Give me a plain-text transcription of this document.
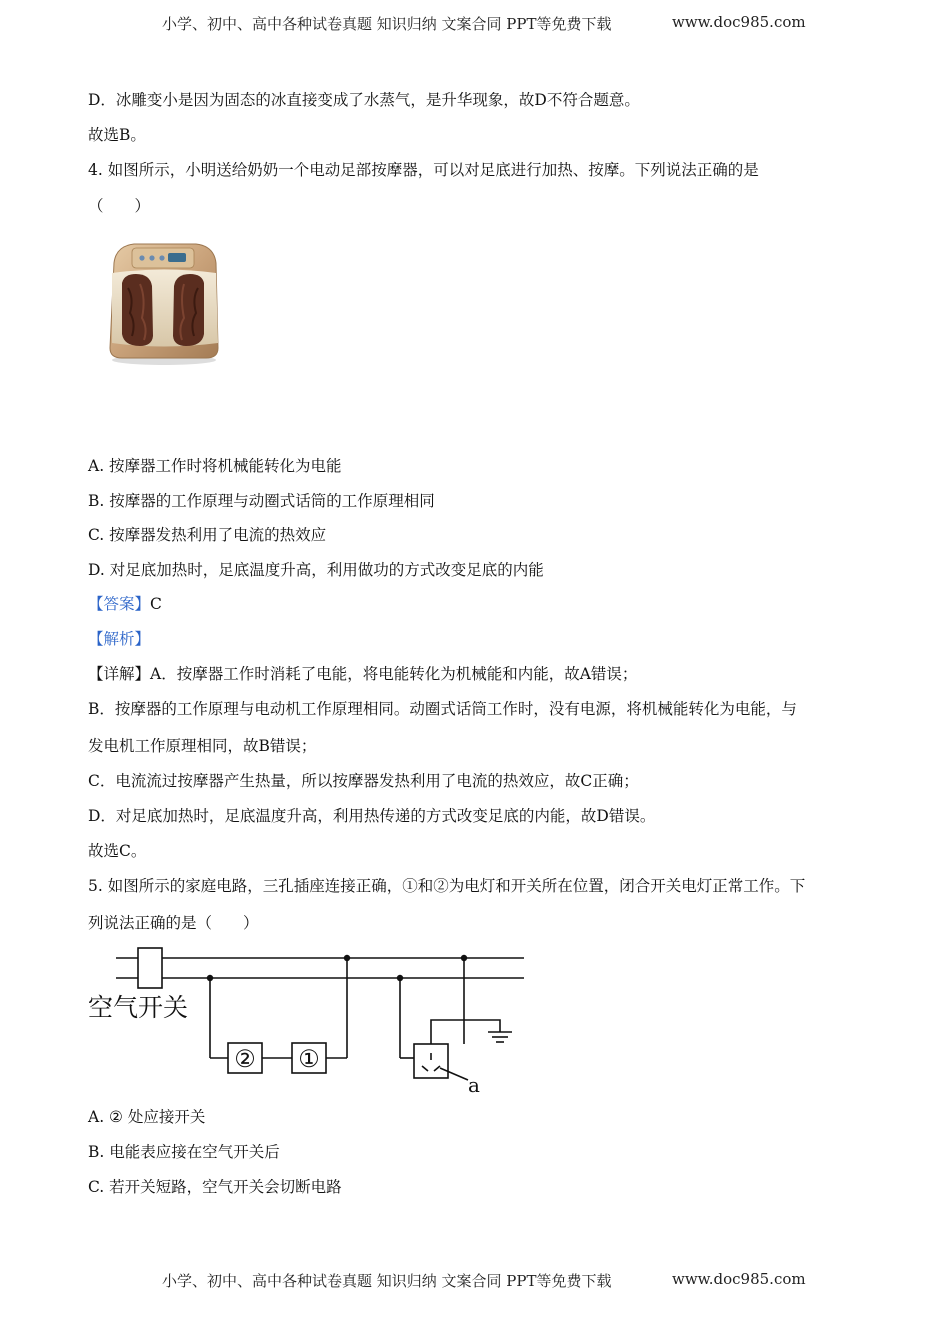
小学、初中、高中各种试卷真题 知识归纳 文案合同 PPT等免费下载	www.doc985.com
D．冰雕变小是因为固态的冰直接变成了水蒸气，是升华现象，故D不符合题意。
故选B。
4. 如图所示，小明送给奶奶一个电动足部按摩器，可以对足底进行加热、按摩。下列说法正确的是
（　　）
A. 按摩器工作时将机械能转化为电能
B. 按摩器的工作原理与动圈式话筒的工作原理相同
C. 按摩器发热利用了电流的热效应
D. 对足底加热时，足底温度升高，利用做功的方式改变足底的内能
【答案】C
【解析】
【详解】A．按摩器工作时消耗了电能，将电能转化为机械能和内能，故A错误；
B．按摩器的工作原理与电动机工作原理相同。动圈式话筒工作时，没有电源，将机械能转化为电能，与
发电机工作原理相同，故B错误；
C．电流流过按摩器产生热量，所以按摩器发热利用了电流的热效应，故C正确；
D．对足底加热时，足底温度升高，利用热传递的方式改变足底的内能，故D错误。
故选C。
5. 如图所示的家庭电路，三孔插座连接正确，①和②为电灯和开关所在位置，闭合开关电灯正常工作。下
列说法正确的是（　　）
空气开关
② ①
a
A. ② 处应接开关
B. 电能表应接在空气开关后
C. 若开关短路，空气开关会切断电路
小学、初中、高中各种试卷真题 知识归纳 文案合同 PPT等免费下载	www.doc985.com
